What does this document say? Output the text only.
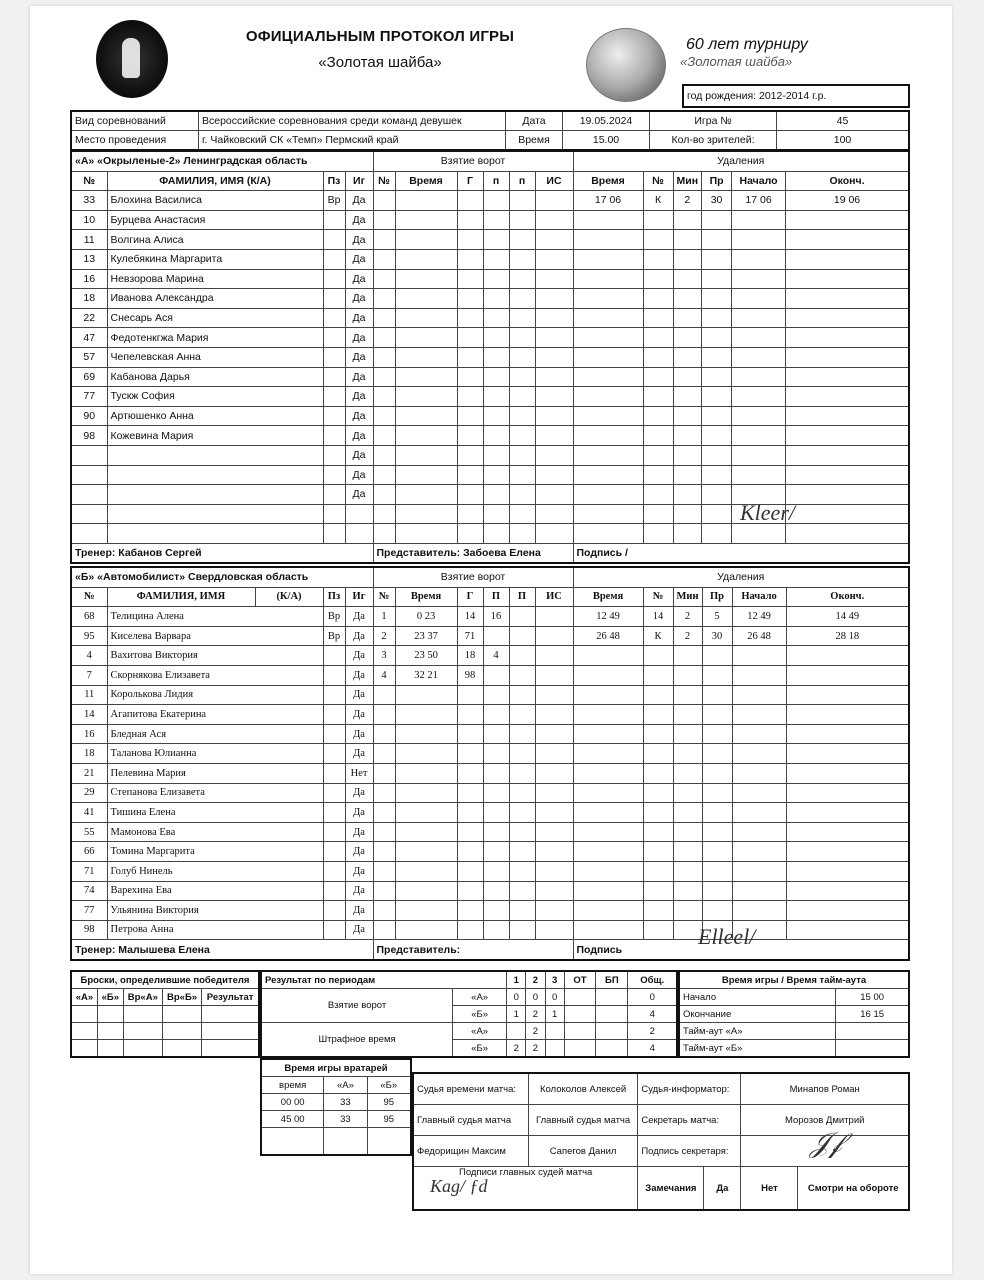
ОФИЦИАЛЬНЫМ ПРОТОКОЛ ИГРЫ
«Золотая шайба»
60 лет турниру
«Золотая шайба»
год рождения: 2012-2014 г.р.
Вид соревнований	Всероссийские соревнования среди команд девушек	Дата	19.05.2024	Игра №	45
Место проведения	г. Чайковский СК «Темп» Пермский край	Время	15.00	Кол-во зрителей:	100
«А» «Окрыленые-2» Ленинградская область				Взятие ворот						Удаления					
№	ФАМИЛИЯ, ИМЯ (К/А)	Пз	Иг	№	Время	Г	п	п	ИС	Время	№	Мин	Пр	Начало	Оконч.
33	Блохина Василиса	Вр	Да							17 06	К	2	30	17 06	19 06
10	Бурцева Анастасия		Да												
11	Волгина Алиса		Да												
13	Кулебякина Маргарита		Да												
16	Невзорова Марина		Да												
18	Иванова Александра		Да												
22	Снесарь Ася		Да												
47	Федотенкгжа Мария		Да												
57	Чепелевская Анна		Да												
69	Кабанова Дарья		Да												
77	Тускж София		Да												
90	Артюшенко Анна		Да												
98	Кожевина Мария		Да												
			Да												
			Да												
			Да												

Тренер: Кабанов Сергей				Представитель: Забоева Елена						Подпись /					
Kleer/
«Б» «Автомобилист» Свердловская область					Взятие ворот						Удаления					
№	ФАМИЛИЯ, ИМЯ	(К/А)	Пз	Иг	№	Время	Г	П	П	ИС	Время	№	Мин	Пр	Начало	Оконч.
68	Телицина Алена		Вр	Да	1	0 23	14	16			12 49	14	2	5	12 49	14 49
95	Киселева Варвара		Вр	Да	2	23 37	71				26 48	К	2	30	26 48	28 18
4	Вахитова Виктория			Да	3	23 50	18	4								
7	Скорнякова Елизавета			Да	4	32 21	98									
11	Королькова Лидия			Да												
14	Агапитова Екатерина			Да												
16	Бледная Ася			Да												
18	Таланова Юлианна			Да												
21	Пелевина Мария			Нет												
29	Степанова Елизавета			Да												
41	Тишина Елена			Да												
55	Мамонова Ева			Да												
66	Томина Маргарита			Да												
71	Голуб Нинель			Да												
74	Варехина Ева			Да												
77	Ульянина Виктория			Да												
98	Петрова Анна			Да												
Тренер: Малышева Елена					Представитель:						Подпись					
Elleel/
Броски, определившие победителя				
«А»	«Б»	Вр«А»	Вр«Б»	Результат

Результат по периодам		1	2	3	ОТ	БП	Общ.
Взятие ворот	«А»	0	0	0			0
	«Б»	1	2	1			4
Штрафное время	«А»		2				2
	«Б»	2	2				4
Время игры / Время тайм-аута	
Начало	15 00
Окончание	16 15
Тайм-аут «А»	
Тайм-аут «Б»	
Время игры вратарей		
время	«А»	«Б»
00 00	33	95
45 00	33	95

Судья времени матча:	Колоколов Алексей	Судья-информатор:	Минапов Роман
Главный судья матча	Главный судья матча	Секретарь матча:	Морозов Дмитрий
Федорищин Максим	Сапегов Данил	Подпись секретаря:	
Подписи главных судей матча	
Замечания	Да
		Нет	Смотри на обороте
Kag/ ƒd
𝒥𝒻
